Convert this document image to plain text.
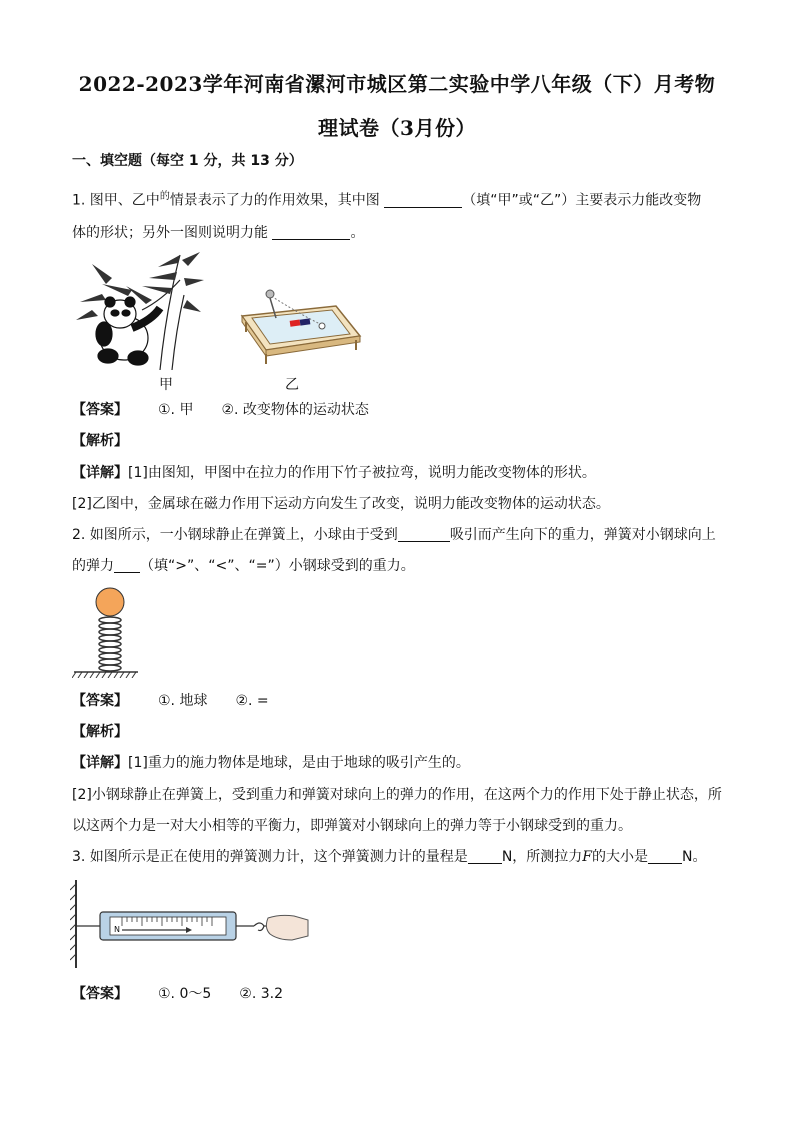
2022-2023学年河南省漯河市城区第二实验中学八年级（下）月考物
理试卷（3月份）
一、填空题（每空 1 分，共 13 分）
1. 图甲、乙中$^的$情景表示了力的作用效果，其中图	（填“甲”或“乙”）主要表示力能改变物
体的形状；另外一图则说明力能	。
甲	乙
【答案】 ①. 甲 ②. 改变物体的运动状态
【解析】
【详解】[1]由图知，甲图中在拉力的作用下竹子被拉弯，说明力能改变物体的形状。
[2]乙图中，金属球在磁力作用下运动方向发生了改变，说明力能改变物体的运动状态。
2. 如图所示，一小钢球静止在弹簧上，小球由于受到	吸引而产生向下的重力，弹簧对小钢球向上
的弹力 （填“>”、“<”、“=”）小钢球受到的重力。
【答案】 ①. 地球 ②. =
【解析】
【详解】[1]重力的施力物体是地球，是由于地球的吸引产生的。
[2]小钢球静止在弹簧上，受到重力和弹簧对球向上的弹力的作用，在这两个力的作用下处于静止状态，所
以这两个力是一对大小相等的平衡力，即弹簧对小钢球向上的弹力等于小钢球受到的重力。
3. 如图所示是正在使用的弹簧测力计，这个弹簧测力计的量程是 N，所测拉力F的大小是 N。
N
【答案】 ①. 0～5 ②. 3.2
